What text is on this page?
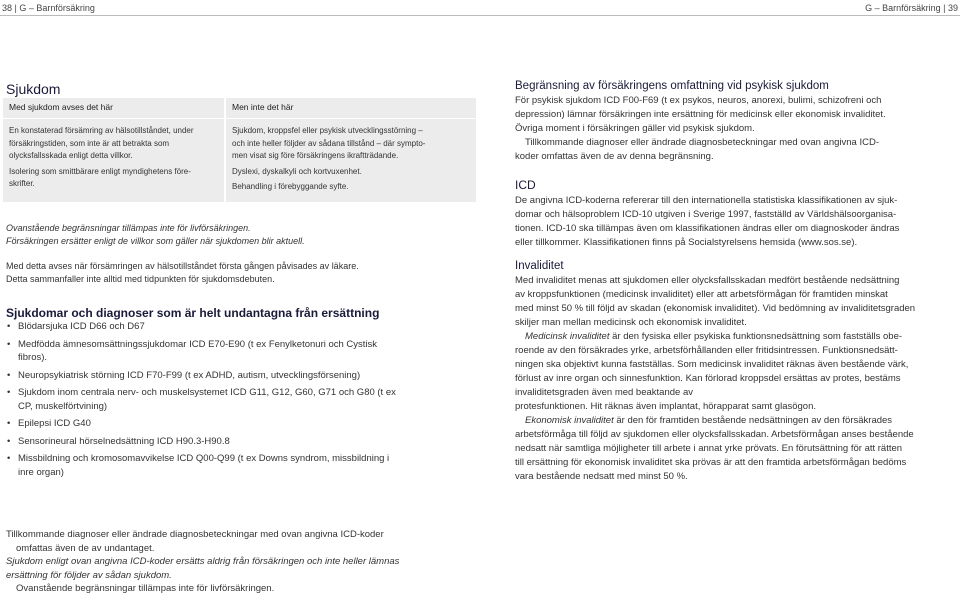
38 | G – Barnförsäkring	G – Barnförsäkring | 39
Sjukdom
Med sjukdom avses det här

En konstaterad försämring av hälsotillståndet, under
försäkringstiden, som inte är att betrakta som
olycksfallsskada enligt detta villkor.

Isolering som smittbärare enligt myndighetens före-
skrifter.

Men inte det här

Sjukdom, kroppsfel eller psykisk utvecklingsstörning –
och inte heller följder av sådana tillstånd – där sympto-
men visat sig före försäkringens ikraftträdande.

Dyslexi, dyskalkyli och kortvuxenhet.

Behandling i förebyggande syfte.

Ovanstående begränsningar tillämpas inte för livförsäkringen.
Försäkringen ersätter enligt de villkor som gäller när sjukdomen blir aktuell.
Med detta avses när försämringen av hälsotillståndet första gången påvisades av läkare.
Detta sammanfaller inte alltid med tidpunkten för sjukdomsdebuten.
Sjukdomar och diagnoser som är helt undantagna från ersättning
• Blödarsjuka ICD D66 och D67
• Medfödda ämnesomsättningssjukdomar ICD E70-E90 (t ex Fenylketonuri och Cystisk
fibros).
• Neuropsykiatrisk störning ICD F70-F99 (t ex ADHD, autism, utvecklingsförsening)
• Sjukdom inom centrala nerv- och muskelsystemet ICD G11, G12, G60, G71 och G80 (t ex
CP, muskelförtvining)
• Epilepsi ICD G40
• Sensorineural hörselnedsättning ICD H90.3-H90.8
• Missbildning och kromosomavvikelse ICD Q00-Q99 (t ex Downs syndrom, missbildning i
inre organ)
Tillkommande diagnoser eller ändrade diagnosbeteckningar med ovan angivna ICD-koder
omfattas även de av undantaget.
Sjukdom enligt ovan angivna ICD-koder ersätts aldrig från försäkringen och inte heller lämnas
ersättning för följder av sådan sjukdom.
Ovanstående begränsningar tillämpas inte för livförsäkringen.
Begränsning av försäkringens omfattning vid psykisk sjukdom
För psykisk sjukdom ICD F00-F69 (t ex psykos, neuros, anorexi, bulimi, schizofreni och
depression) lämnar försäkringen inte ersättning för medicinsk eller ekonomisk invaliditet.
Övriga moment i försäkringen gäller vid psykisk sjukdom.
Tillkommande diagnoser eller ändrade diagnosbeteckningar med ovan angivna ICD-
koder omfattas även de av denna begränsning.
ICD
De angivna ICD-koderna refererar till den internationella statistiska klassifikationen av sjuk-
domar och hälsoproblem ICD-10 utgiven i Sverige 1997, fastställd av Världshälsoorganisa-
tionen. ICD-10 ska tillämpas även om klassifikationen ändras eller om diagnoskoder ändras
eller tillkommer. Klassifikationen finns på Socialstyrelsens hemsida (www.sos.se).
Invaliditet
Med invaliditet menas att sjukdomen eller olycksfallsskadan medfört bestående nedsättning
av kroppsfunktionen (medicinsk invaliditet) eller att arbetsförmågan för framtiden minskat
med minst 50 % till följd av skadan (ekonomisk invaliditet). Vid bedömning av invaliditetsgraden
skiljer man mellan medicinsk och ekonomisk invaliditet.
Medicinsk invaliditet är den fysiska eller psykiska funktionsnedsättning som fastställs obe-
roende av den försäkrades yrke, arbetsförhållanden eller fritidsintressen. Funktionsnedsätt-
ningen ska objektivt kunna fastställas. Som medicinsk invaliditet räknas även bestående värk,
förlust av inre organ och sinnesfunktion. Kan förlorad kroppsdel ersättas av protes, bestäms
invaliditetsgraden även med beaktande av
protesfunktionen. Hit räknas även implantat, hörapparat samt glasögon.
Ekonomisk invaliditet är den för framtiden bestående nedsättningen av den försäkrades
arbetsförmåga till följd av sjukdomen eller olycksfallsskadan. Arbetsförmågan anses bestående
nedsatt när samtliga möjligheter till arbete i annat yrke prövats. En förutsättning för att rätten
till ersättning för ekonomisk invaliditet ska prövas är att den framtida arbetsförmågan bedöms
vara bestående nedsatt med minst 50 %.
